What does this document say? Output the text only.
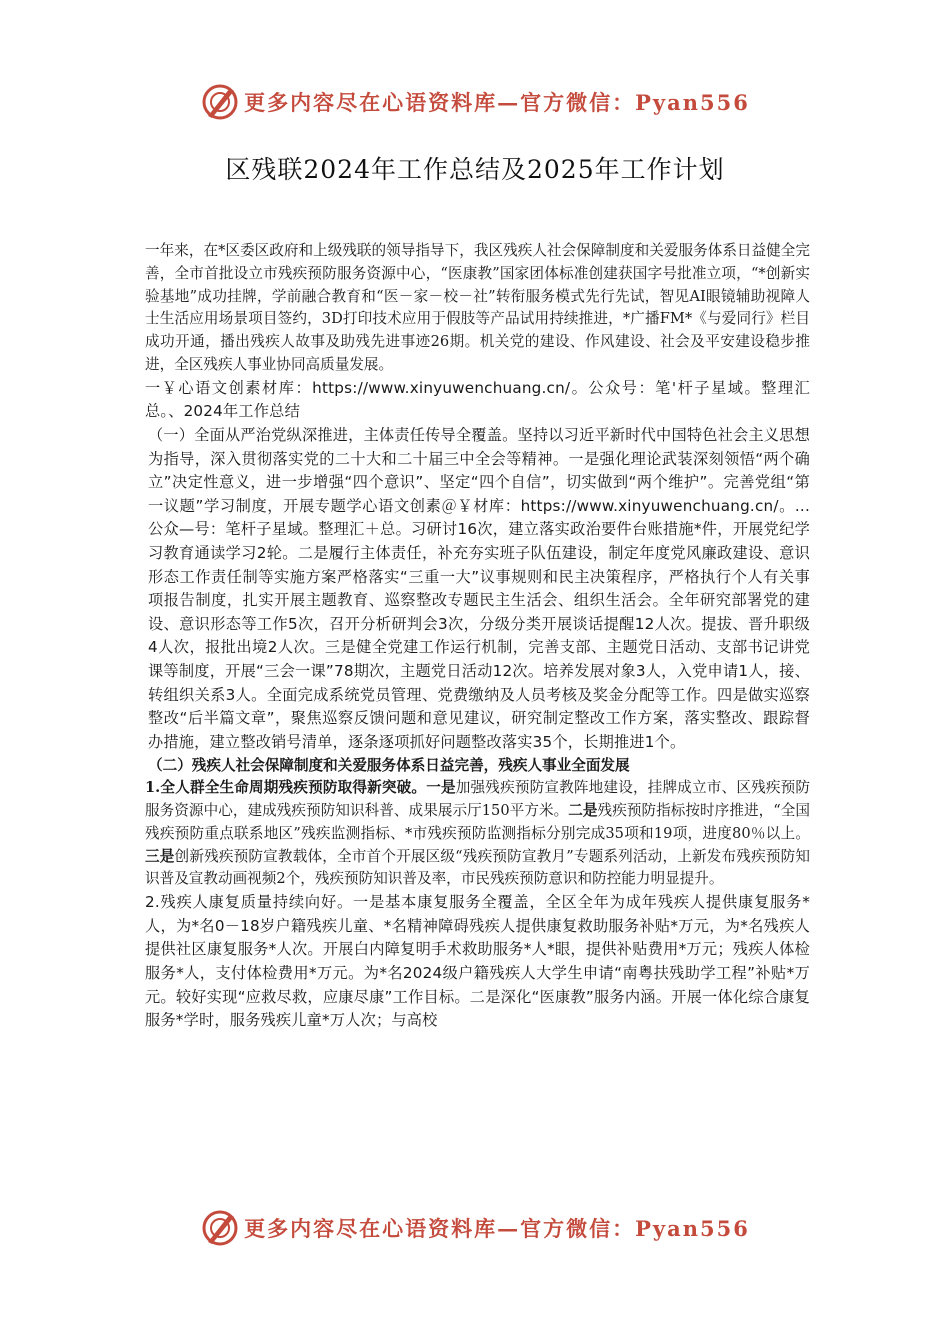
更多内容尽在心语资料库—官方微信：Pyan556
区残联2024年工作总结及2025年工作计划

一年来，在*区委区政府和上级残联的领导指导下，我区残疾人社会保障制度和关爱服务体系日益健全完善，全市首批设立市残疾预防服务资源中心，“医康教”国家团体标准创建获国字号批准立项，“*创新实验基地”成功挂牌，学前融合教育和“医－家－校－社”转衔服务模式先行先试，智见AI眼镜辅助视障人士生活应用场景项目签约，3D打印技术应用于假肢等产品试用持续推进，*广播FM*《与爱同行》栏目成功开通，播出残疾人故事及助残先进事迹26期。机关党的建设、作风建设、社会及平安建设稳步推进，全区残疾人事业协同高质量发展。

一￥心语文创素材库：https://www.xinyuwenchuang.cn/。公众号：笔'杆子星域。整理汇总。、2024年工作总结

（一）全面从严治党纵深推进，主体责任传导全覆盖。坚持以习近平新时代中国特色社会主义思想为指导，深入贯彻落实党的二十大和二十届三中全会等精神。一是强化理论武装深刻领悟“两个确立”决定性意义，进一步增强“四个意识”、坚定“四个自信”，切实做到“两个维护”。完善党组“第一议题”学习制度，开展专题学心语文创素＠￥材库：https://www.xinyuwenchuang.cn/。...公众—号：笔杆子星域。整理汇＋总。习研讨16次，建立落实政治要件台账措施*件，开展党纪学习教育通读学习2轮。二是履行主体责任，补充夯实班子队伍建设，制定年度党风廉政建设、意识形态工作责任制等实施方案严格落实“三重一大”议事规则和民主决策程序，严格执行个人有关事项报告制度，扎实开展主题教育、巡察整改专题民主生活会、组织生活会。全年研究部署党的建设、意识形态等工作5次，召开分析研判会3次，分级分类开展谈话提醒12人次。提拔、晋升职级4人次，报批出境2人次。三是健全党建工作运行机制，完善支部、主题党日活动、支部书记讲党课等制度，开展“三会一课”78期次，主题党日活动12次。培养发展对象3人，入党申请1人，接、转组织关系3人。全面完成系统党员管理、党费缴纳及人员考核及奖金分配等工作。四是做实巡察整改“后半篇文章”，聚焦巡察反馈问题和意见建议，研究制定整改工作方案，落实整改、跟踪督办措施，建立整改销号清单，逐条逐项抓好问题整改落实35个，长期推进1个。

（二）残疾人社会保障制度和关爱服务体系日益完善，残疾人事业全面发展

1.全人群全生命周期残疾预防取得新突破。一是加强残疾预防宣教阵地建设，挂牌成立市、区残疾预防服务资源中心，建成残疾预防知识科普、成果展示厅150平方米。二是残疾预防指标按时序推进，“全国残疾预防重点联系地区”残疾监测指标、*市残疾预防监测指标分别完成35项和19项，进度80％以上。三是创新残疾预防宣教载体，全市首个开展区级“残疾预防宣教月”专题系列活动，上新发布残疾预防知识普及宣教动画视频2个，残疾预防知识普及率，市民残疾预防意识和防控能力明显提升。

2.残疾人康复质量持续向好。一是基本康复服务全覆盖，全区全年为成年残疾人提供康复服务*人，为*名0－18岁户籍残疾儿童、*名精神障碍残疾人提供康复救助服务补贴*万元，为*名残疾人提供社区康复服务*人次。开展白内障复明手术救助服务*人*眼，提供补贴费用*万元；残疾人体检服务*人，支付体检费用*万元。为*名2024级户籍残疾人大学生申请“南粤扶残助学工程”补贴*万元。较好实现“应救尽救，应康尽康”工作目标。二是深化“医康教”服务内涵。开展一体化综合康复服务*学时，服务残疾儿童*万人次；与高校

更多内容尽在心语资料库—官方微信：Pyan556
